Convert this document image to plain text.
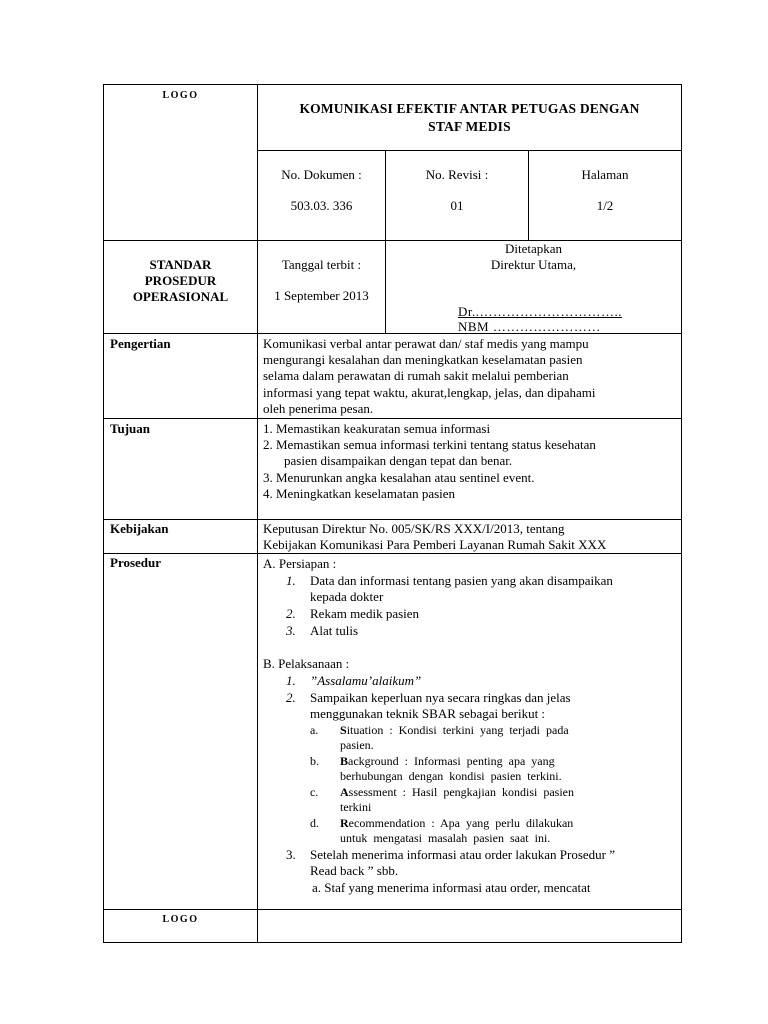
LOGO
KOMUNIKASI EFEKTIF ANTAR PETUGAS DENGAN
STAF MEDIS
No. Dokumen :
503.03. 336
No. Revisi :
01
Halaman
1/2
STANDAR
PROSEDUR
OPERASIONAL
Tanggal terbit :
1 September 2013
Ditetapkan
Direktur Utama,
Dr..…………………………..
NBM ……………………
Pengertian	Komunikasi verbal antar perawat dan/ staf medis yang mampu
mengurangi kesalahan dan meningkatkan keselamatan pasien
selama dalam perawatan di rumah sakit melalui pemberian
informasi yang tepat waktu, akurat,lengkap, jelas, dan dipahami
oleh penerima pesan.
Tujuan	1. Memastikan keakuratan semua informasi
2. Memastikan semua informasi terkini tentang status kesehatan
pasien disampaikan dengan tepat dan benar.
3. Menurunkan angka kesalahan atau sentinel event.
4. Meningkatkan keselamatan pasien
Kebijakan	Keputusan Direktur No. 005/SK/RS XXX/I/2013, tentang
Kebijakan Komunikasi Para Pemberi Layanan Rumah Sakit XXX
Prosedur	A. Persiapan :
1. Data dan informasi tentang pasien yang akan disampaikan
kepada dokter
2. Rekam medik pasien
3. Alat tulis
B. Pelaksanaan :
1. ”Assalamu’alaikum”
2. Sampaikan keperluan nya secara ringkas dan jelas
menggunakan teknik SBAR sebagai berikut :
a. Situation  :  Kondisi  terkini  yang  terjadi  pada
pasien.
b. Background  :  Informasi  penting  apa  yang
berhubungan  dengan  kondisi  pasien  terkini.
c. Assessment  :  Hasil  pengkajian  kondisi  pasien
terkini
d. Recommendation  :  Apa  yang  perlu  dilakukan
untuk  mengatasi  masalah  pasien  saat  ini.
3. Setelah menerima informasi atau order lakukan Prosedur ”
Read back ” sbb.
a. Staf yang menerima informasi atau order, mencatat
LOGO
